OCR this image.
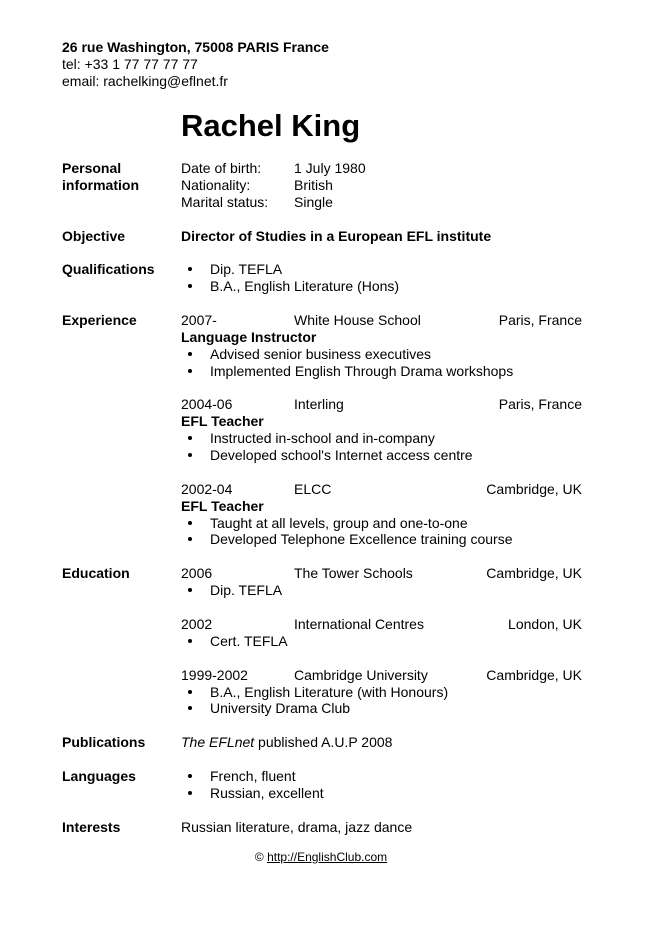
26 rue Washington, 75008 PARIS France
tel: +33 1 77 77 77 77
email: rachelking@eflnet.fr
Rachel King
Personal
information
Date of birth: 1 July 1980
Nationality:	British
Marital status: Single
Objective	Director of Studies in a European EFL institute
Qualifications	Dip. TEFLA
B.A., English Literature (Hons)
Experience	2007-	White House School	Paris, France
Language Instructor
Advised senior business executives
Implemented English Through Drama workshops
2004-06	Interling	Paris, France
EFL Teacher
Instructed in-school and in-company
Developed school's Internet access centre
2002-04	ELCC	Cambridge, UK
EFL Teacher
Taught at all levels, group and one-to-one
Developed Telephone Excellence training course
Education	2006	The Tower Schools	Cambridge, UK
Dip. TEFLA
2002	International Centres	London, UK
Cert. TEFLA
1999-2002	Cambridge University	Cambridge, UK
B.A., English Literature (with Honours)
University Drama Club
Publications	The EFLnet published A.U.P 2008
Languages	French, fluent
Russian, excellent
Interests	Russian literature, drama, jazz dance
© http://EnglishClub.com
